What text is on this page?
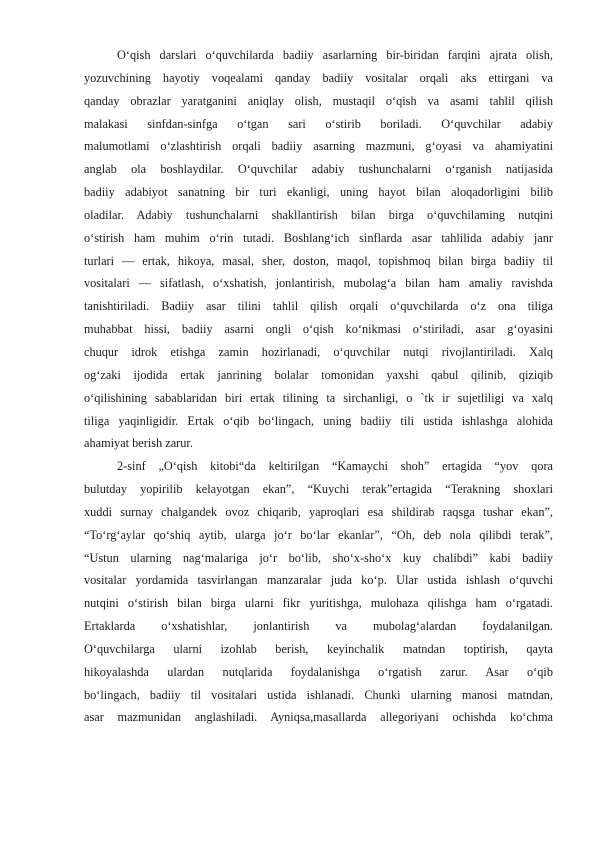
O‘qish darslari o‘quvchilarda badiiy asarlarning bir-biridan farqini ajrata olish,
yozuvchining hayotiy voqealami qanday badiiy vositalar orqali aks ettirgani va
qanday obrazlar yaratganini aniqlay olish, mustaqil o‘qish va asami tahlil qilish
malakasi sinfdan-sinfga o‘tgan sari o‘stirib boriladi. O‘quvchilar adabiy
malumotlami o‘zlashtirish orqali badiiy asarning mazmuni, g‘oyasi va ahamiyatini
anglab ola boshlaydilar. O‘quvchilar adabiy tushunchalarni o‘rganish natijasida
badiiy adabiyot sanatning bir turi ekanligi, uning hayot bilan aloqadorligini bilib
oladilar. Adabiy tushunchalarni shakllantirish bilan birga o‘quvchilaming nutqini
o‘stirish ham muhim o‘rin tutadi. Boshlang‘ich sinflarda asar tahlilida adabiy janr
turlari — ertak, hikoya, masal, sher, doston, maqol, topishmoq bilan birga badiiy til
vositalari — sifatlash, o‘xshatish, jonlantirish, mubolag‘a bilan ham amaliy ravishda
tanishtiriladi. Badiiy asar tilini tahlil qilish orqali o‘quvchilarda o‘z ona tiliga
muhabbat hissi, badiiy asarni ongli o‘qish ko‘nikmasi o‘stiriladi, asar g‘oyasini
chuqur idrok etishga zamin hozirlanadi, o‘quvchilar nutqi rivojlantiriladi. Xalq
og‘zaki ijodida ertak janrining bolalar tomonidan yaxshi qabul qilinib, qiziqib
o‘qilishining sabablaridan biri ertak tilining ta sirchanligi, o `tk ir sujetliligi va xalq
tiliga yaqinligidir. Ertak o‘qib bo‘lingach, uning badiiy tili ustida ishlashga alohida
ahamiyat berish zarur.
2-sinf „O‘qish kitobi“da keltirilgan “Kamaychi shoh” ertagida “yov qora
bulutday yopirilib kelayotgan ekan”, “Kuychi terak”ertagida “Terakning shoxlari
xuddi surnay chalgandek ovoz chiqarib, yaproqlari esa shildirab raqsga tushar ekan”,
“To‘rg‘aylar qo‘shiq aytib, ularga jo‘r bo‘lar ekanlar”, “Oh, deb nola qilibdi terak”,
“Ustun ularning nag‘malariga jo‘r bo‘lib, sho‘x-sho‘x kuy chalibdi” kabi badiiy
vositalar yordamida tasvirlangan manzaralar juda ko‘p. Ular ustida ishlash o‘quvchi
nutqini o‘stirish bilan birga ularni fikr yuritishga, mulohaza qilishga ham o‘rgatadi.
Ertaklarda o‘xshatishlar, jonlantirish va mubolag‘alardan foydalanilgan.
O‘quvchilarga ularni izohlab berish, keyinchalik matndan toptirish, qayta
hikoyalashda ulardan nutqlarida foydalanishga o‘rgatish zarur. Asar o‘qib
bo‘lingach, badiiy til vositalari ustida ishlanadi. Chunki ularning manosi matndan,
asar mazmunidan anglashiladi. Ayniqsa,masallarda allegoriyani ochishda ko‘chma
